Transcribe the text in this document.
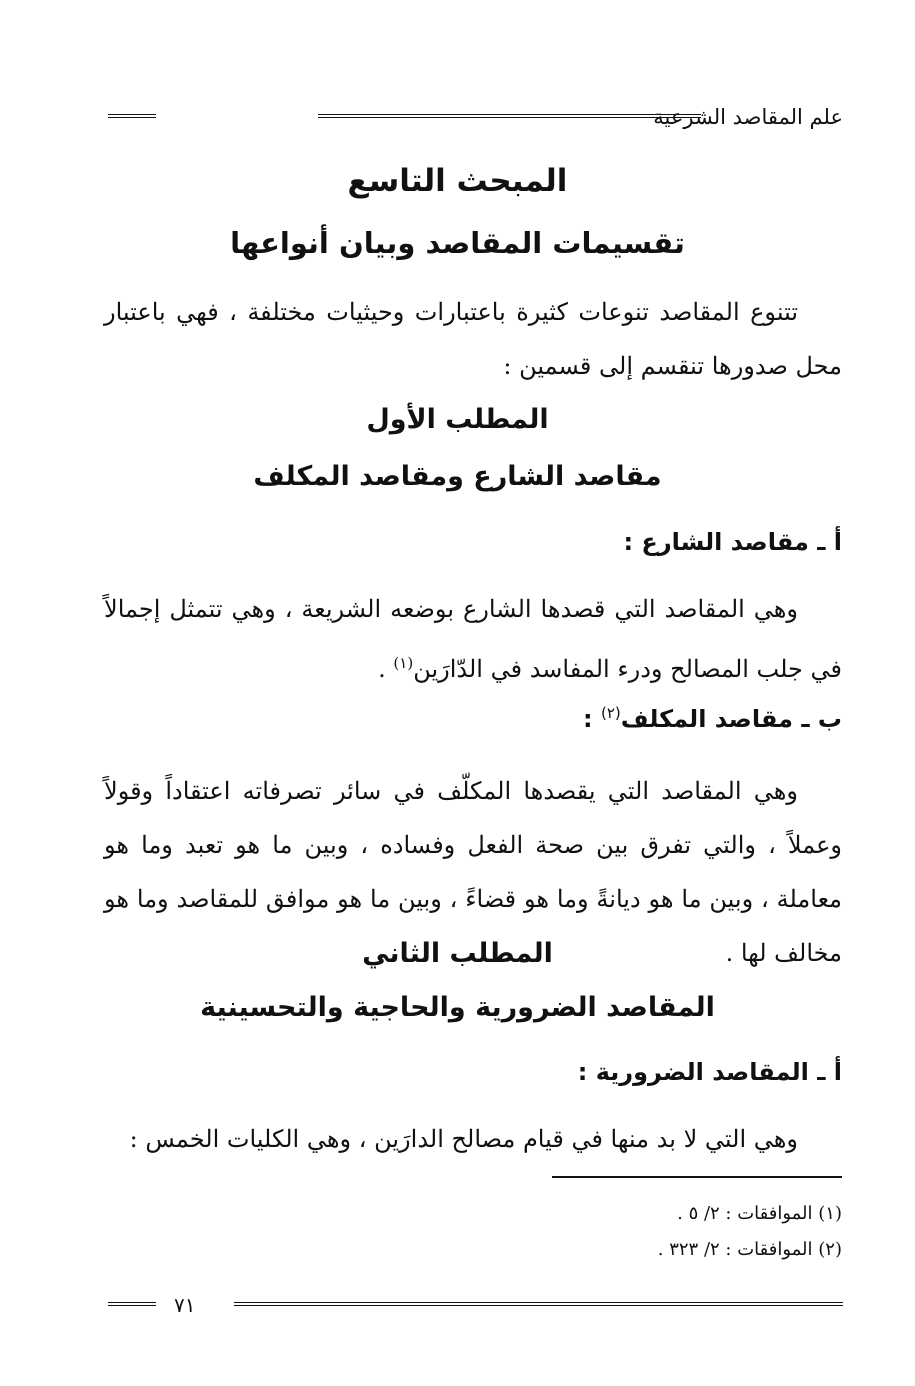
علم المقاصد الشرعية
المبحث التاسع
تقسيمات المقاصد وبيان أنواعها
تتنوع المقاصد تنوعات كثيرة باعتبارات وحيثيات مختلفة ، فهي باعتبار محل صدورها تنقسم إلى قسمين :
المطلب الأول
مقاصد الشارع ومقاصد المكلف
أ ـ مقاصد الشارع :
وهي المقاصد التي قصدها الشارع بوضعه الشريعة ، وهي تتمثل إجمالاً في جلب المصالح ودرء المفاسد في الدّارَين$^{(١)}$ .
ب ـ مقاصد المكلف$^{(٢)}$ :
وهي المقاصد التي يقصدها المكلّف في سائر تصرفاته اعتقاداً وقولاً وعملاً ، والتي تفرق بين صحة الفعل وفساده ، وبين ما هو تعبد وما هو معاملة ، وبين ما هو ديانةً وما هو قضاءً ، وبين ما هو موافق للمقاصد وما هو مخالف لها .
المطلب الثاني
المقاصد الضرورية والحاجية والتحسينية
أ ـ المقاصد الضرورية :
وهي التي لا بد منها في قيام مصالح الدارَين ، وهي الكليات الخمس :
(١) الموافقات : ٢/ ٥ .
(٢) الموافقات : ٢/ ٣٢٣ .
٧١
